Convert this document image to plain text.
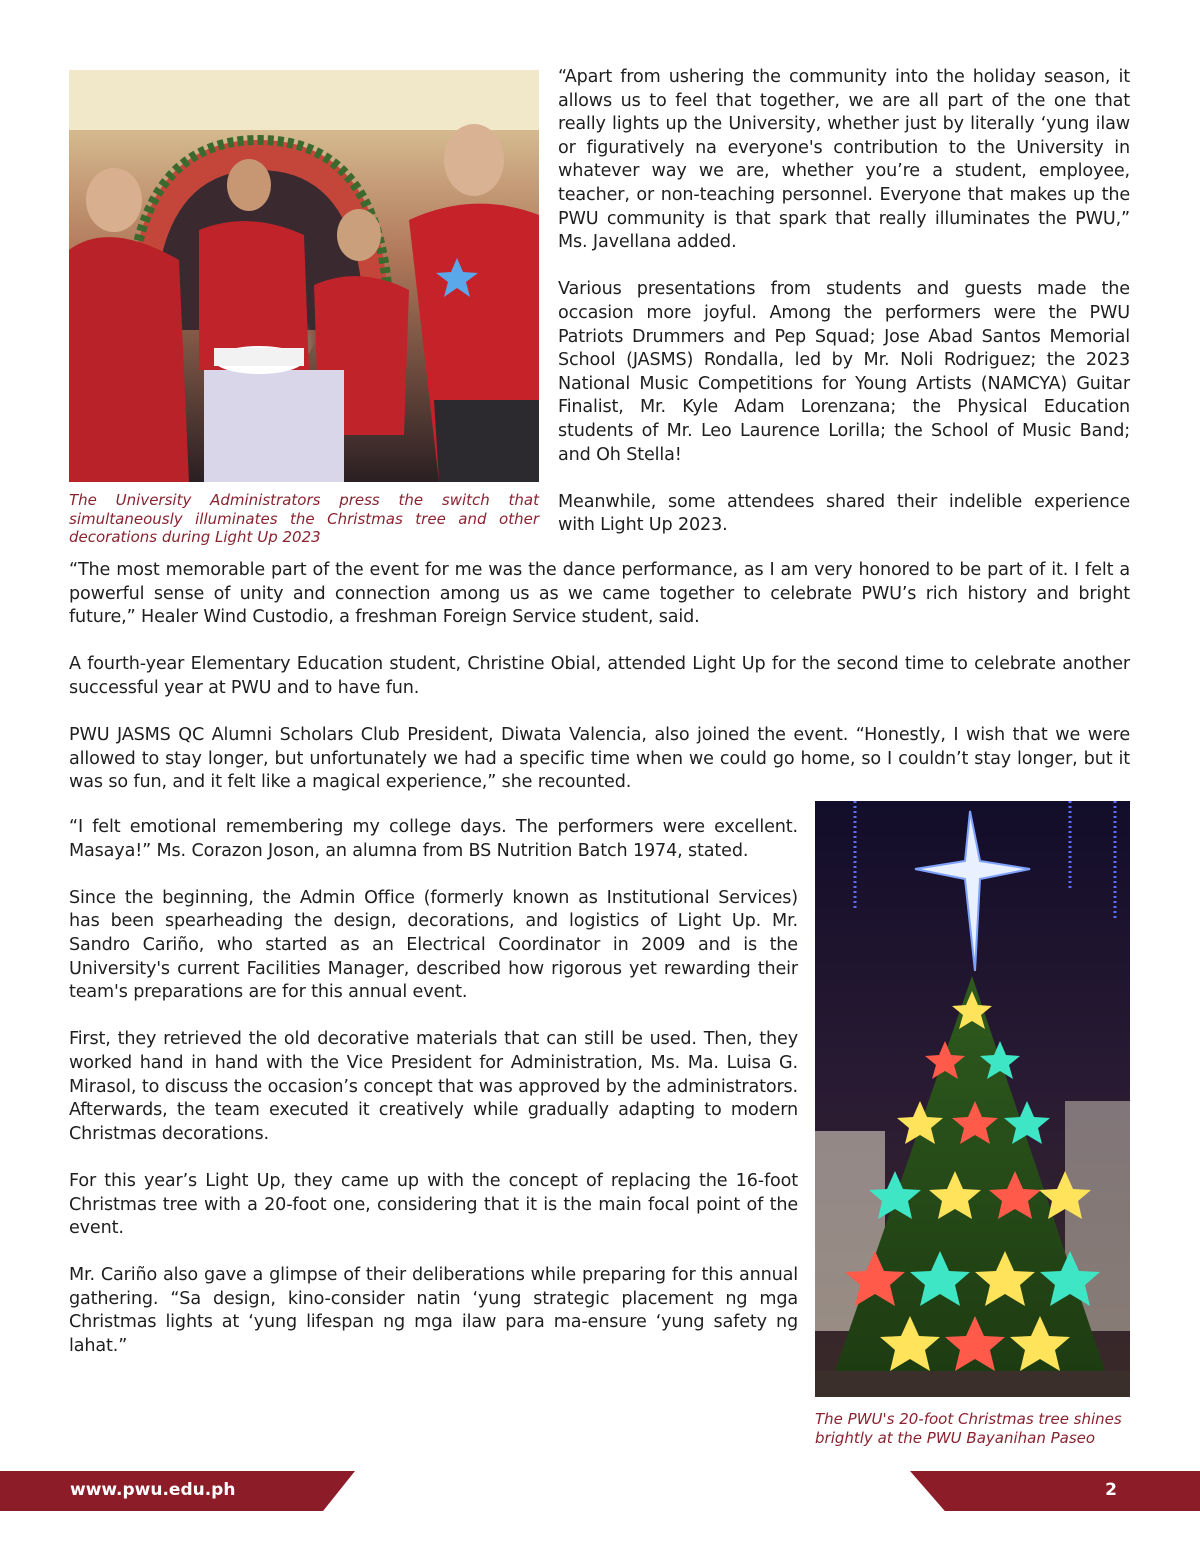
The University Administrators press the switch that simultaneously illuminates the Christmas tree and other decorations during Light Up 2023

“Apart from ushering the community into the holiday season, it allows us to feel that together, we are all part of the one that really lights up the University, whether just by literally ‘yung ilaw or figuratively na everyone's contribution to the University in whatever way we are, whether you’re a student, employee, teacher, or non-teaching personnel. Everyone that makes up the PWU community is that spark that really illuminates the PWU,” Ms. Javellana added.

Various presentations from students and guests made the occasion more joyful. Among the performers were the PWU Patriots Drummers and Pep Squad; Jose Abad Santos Memorial School (JASMS) Rondalla, led by Mr. Noli Rodriguez; the 2023 National Music Competitions for Young Artists (NAMCYA) Guitar Finalist, Mr. Kyle Adam Lorenzana; the Physical Education students of Mr. Leo Laurence Lorilla; the School of Music Band; and Oh Stella!

Meanwhile, some attendees shared their indelible experience with Light Up 2023.

“The most memorable part of the event for me was the dance performance, as I am very honored to be part of it. I felt a powerful sense of unity and connection among us as we came together to celebrate PWU’s rich history and bright future,” Healer Wind Custodio, a freshman Foreign Service student, said.

A fourth-year Elementary Education student, Christine Obial, attended Light Up for the second time to celebrate another successful year at PWU and to have fun.

PWU JASMS QC Alumni Scholars Club President, Diwata Valencia, also joined the event. “Honestly, I wish that we were allowed to stay longer, but unfortunately we had a specific time when we could go home, so I couldn’t stay longer, but it was so fun, and it felt like a magical experience,” she recounted.

“I felt emotional remembering my college days. The performers were excellent. Masaya!” Ms. Corazon Joson, an alumna from BS Nutrition Batch 1974, stated.

Since the beginning, the Admin Office (formerly known as Institutional Services) has been spearheading the design, decorations, and logistics of Light Up. Mr. Sandro Cariño, who started as an Electrical Coordinator in 2009 and is the University's current Facilities Manager, described how rigorous yet rewarding their team's preparations are for this annual event.

First, they retrieved the old decorative materials that can still be used. Then, they worked hand in hand with the Vice President for Administration, Ms. Ma. Luisa G. Mirasol, to discuss the occasion’s concept that was approved by the administrators. Afterwards, the team executed it creatively while gradually adapting to modern Christmas decorations.

For this year’s Light Up, they came up with the concept of replacing the 16-foot Christmas tree with a 20-foot one, considering that it is the main focal point of the event.

Mr. Cariño also gave a glimpse of their deliberations while preparing for this annual gathering. “Sa design, kino-consider natin ‘yung strategic placement ng mga Christmas lights at ‘yung lifespan ng mga ilaw para ma-ensure ‘yung safety ng lahat.”

The PWU's 20-foot Christmas tree shines brightly at the PWU Bayanihan Paseo
www.pwu.edu.ph	2
